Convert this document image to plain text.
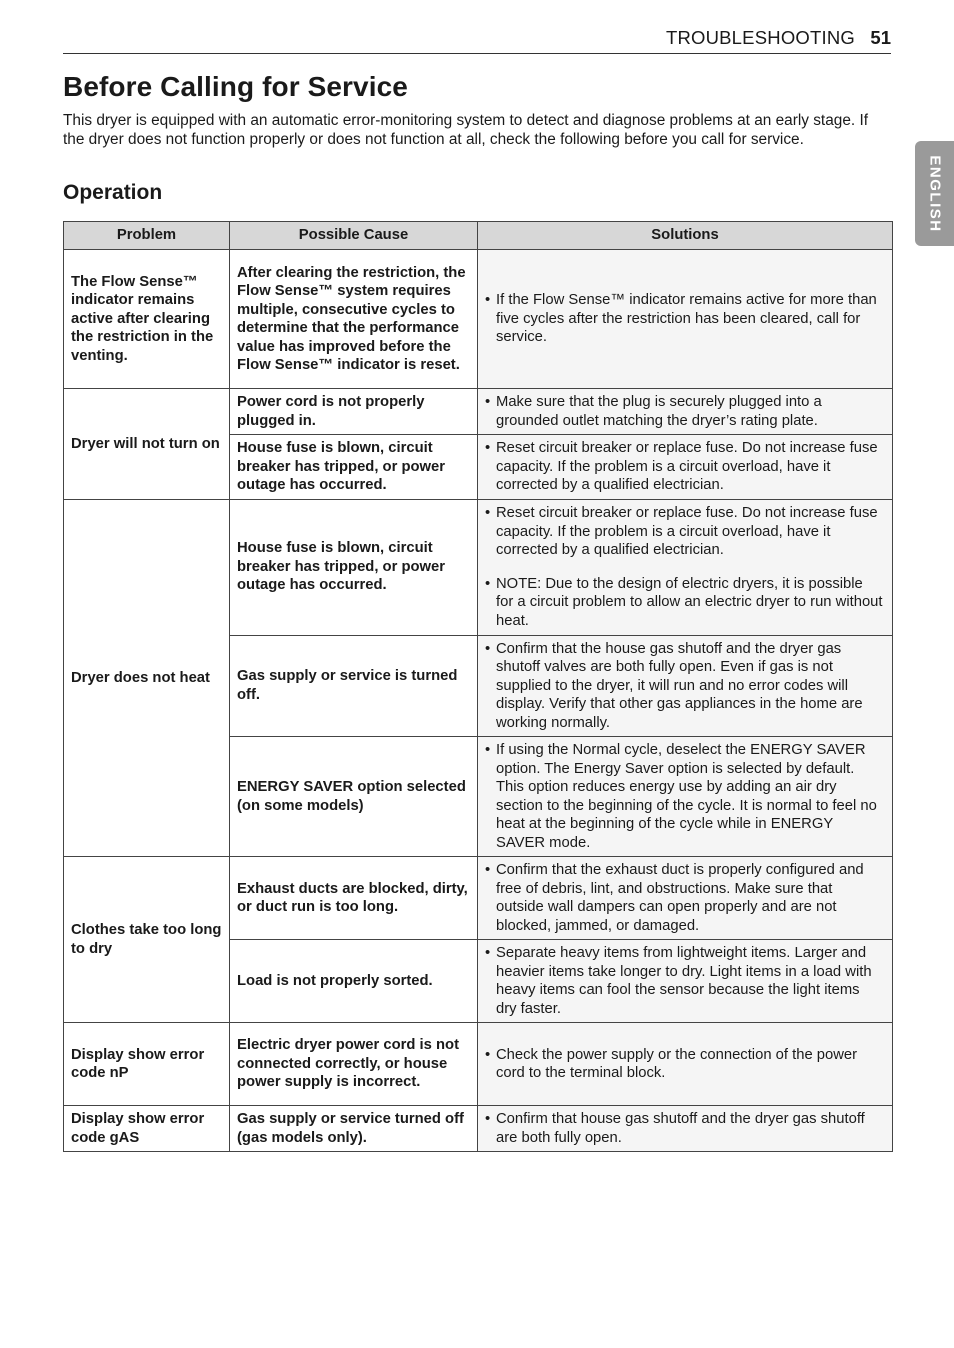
TROUBLESHOOTING 51
ENGLISH
Before Calling for Service

This dryer is equipped with an automatic error-monitoring system to detect and diagnose problems at an early stage. If the dryer does not function properly or does not function at all, check the following before you call for service.

Operation
Problem	Possible Cause	Solutions
The Flow Sense™ indicator remains active after clearing the restriction in the venting.	After clearing the restriction, the Flow Sense™ system requires multiple, consecutive cycles to determine that the performance value has improved before the Flow Sense™ indicator is reset.	• If the Flow Sense™ indicator remains active for more than five cycles after the restriction has been cleared, call for service.

Dryer will not turn on	Power cord is not properly plugged in.	• Make sure that the plug is securely plugged into a grounded outlet matching the dryer’s rating plate.

	House fuse is blown, circuit breaker has tripped, or power outage has occurred.	• Reset circuit breaker or replace fuse. Do not increase fuse capacity. If the problem is a circuit overload, have it corrected by a qualified electrician.

Dryer does not heat	House fuse is blown, circuit breaker has tripped, or power outage has occurred.	• Reset circuit breaker or replace fuse. Do not increase fuse capacity. If the problem is a circuit overload, have it corrected by a qualified electrician.
• NOTE: Due to the design of electric dryers, it is possible for a circuit problem to allow an electric dryer to run without heat.

	Gas supply or service is turned off.	• Confirm that the house gas shutoff and the dryer gas shutoff valves are both fully open. Even if gas is not supplied to the dryer, it will run and no error codes will display. Verify that other gas appliances in the home are working normally.

	ENERGY SAVER option selected (on some models)	• If using the Normal cycle, deselect the ENERGY SAVER option. The Energy Saver option is selected by default. This option reduces energy use by adding an air dry section to the beginning of the cycle. It is normal to feel no heat at the beginning of the cycle while in ENERGY SAVER mode.

Clothes take too long to dry	Exhaust ducts are blocked, dirty, or duct run is too long.	• Confirm that the exhaust duct is properly configured and free of debris, lint, and obstructions. Make sure that outside wall dampers can open properly and are not blocked, jammed, or damaged.

	Load is not properly sorted.	• Separate heavy items from lightweight items. Larger and heavier items take longer to dry. Light items in a load with heavy items can fool the sensor because the light items dry faster.

Display show error code nP	Electric dryer power cord is not connected correctly, or house power supply is incorrect.	• Check the power supply or the connection of the power cord to the terminal block.

Display show error code gAS	Gas supply or service turned off (gas models only).	• Confirm that house gas shutoff and the dryer gas shutoff are both fully open.
